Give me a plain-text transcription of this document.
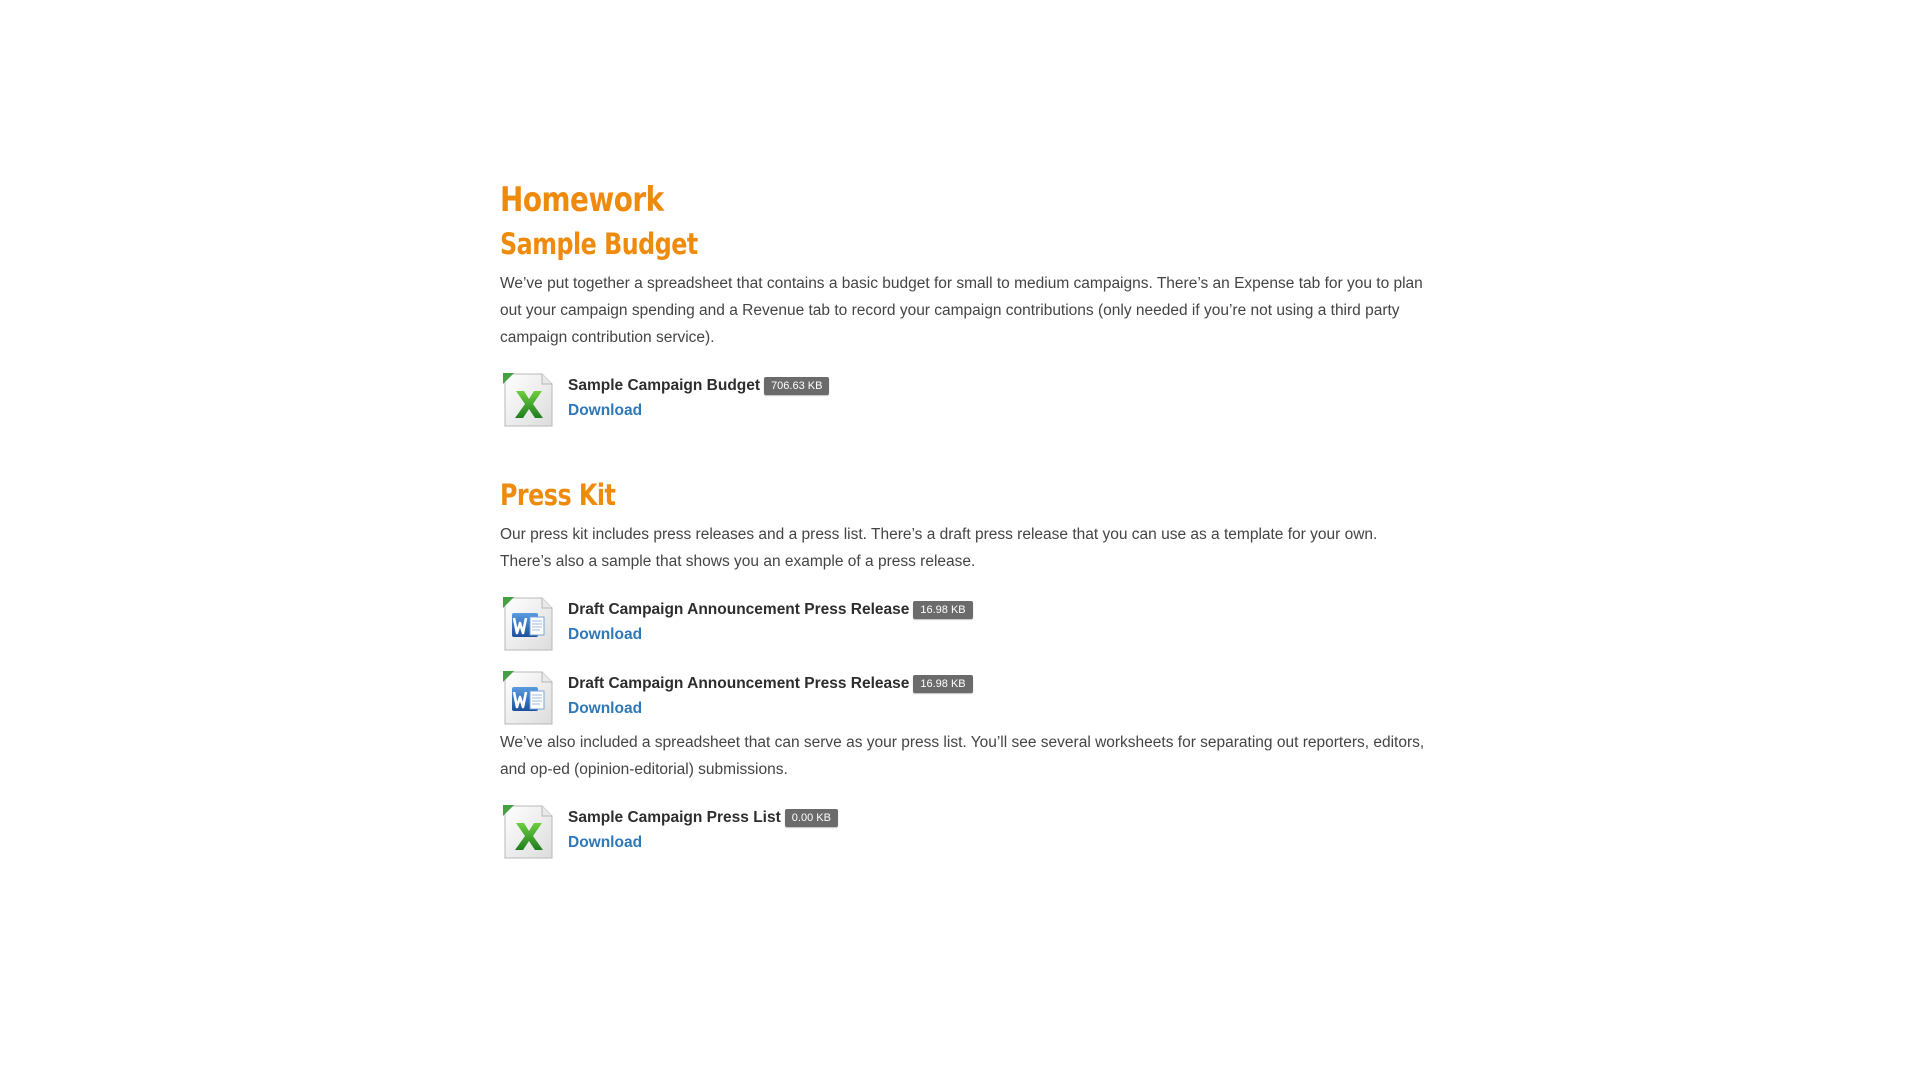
Homework
Sample Budget

We’ve put together a spreadsheet that contains a basic budget for small to medium campaigns. There’s an Expense tab for you to plan out your campaign spending and a Revenue tab to record your campaign contributions (only needed if you’re not using a third party campaign contribution service).

Sample Campaign Budget	706.63 KB
Download
Press Kit

Our press kit includes press releases and a press list. There’s a draft press release that you can use as a template for your own. There’s also a sample that shows you an example of a press release.

Draft Campaign Announcement Press Release	16.98 KB
Download
Draft Campaign Announcement Press Release	16.98 KB
Download

We’ve also included a spreadsheet that can serve as your press list. You’ll see several worksheets for separating out reporters, editors, and op-ed (opinion-editorial) submissions.

Sample Campaign Press List	0.00 KB
Download
